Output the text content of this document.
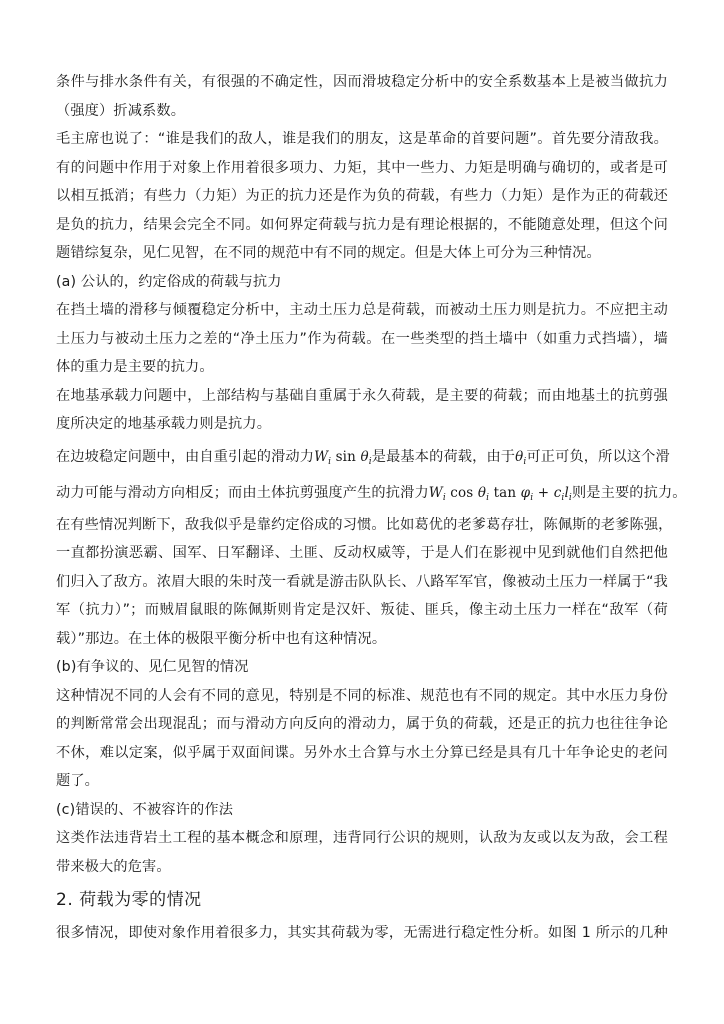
条件与排水条件有关，有很强的不确定性，因而滑坡稳定分析中的安全系数基本上是被当做抗力
（强度）折减系数。
毛主席也说了：“谁是我们的敌人，谁是我们的朋友，这是革命的首要问题”。首先要分清敌我。
有的问题中作用于对象上作用着很多项力、力矩，其中一些力、力矩是明确与确切的，或者是可
以相互抵消；有些力（力矩）为正的抗力还是作为负的荷载，有些力（力矩）是作为正的荷载还
是负的抗力，结果会完全不同。如何界定荷载与抗力是有理论根据的，不能随意处理，但这个问
题错综复杂，见仁见智，在不同的规范中有不同的规定。但是大体上可分为三种情况。
(a) 公认的，约定俗成的荷载与抗力
在挡土墙的滑移与倾覆稳定分析中，主动土压力总是荷载，而被动土压力则是抗力。不应把主动
土压力与被动土压力之差的“净土压力”作为荷载。在一些类型的挡土墙中（如重力式挡墙），墙
体的重力是主要的抗力。
在地基承载力问题中，上部结构与基础自重属于永久荷载，是主要的荷载；而由地基土的抗剪强
度所决定的地基承载力则是抗力。
在边坡稳定问题中，由自重引起的滑动力$W_i$ $\sin \theta_i$是最基本的荷载，由于$\theta_i$可正可负，所以这个滑
动力可能与滑动方向相反；而由土体抗剪强度产生的抗滑力$W_i$ $\cos \theta_i$ $\tan \varphi_i + c_il_i$则是主要的抗力。
在有些情况判断下，敌我似乎是靠约定俗成的习惯。比如葛优的老爹葛存壮，陈佩斯的老爹陈强，
一直都扮演恶霸、国军、日军翻译、土匪、反动权威等，于是人们在影视中见到就他们自然把他
们归入了敌方。浓眉大眼的朱时茂一看就是游击队队长、八路军军官，像被动土压力一样属于“我
军（抗力）”；而贼眉鼠眼的陈佩斯则肯定是汉奸、叛徒、匪兵，像主动土压力一样在“敌军（荷
载）”那边。在土体的极限平衡分析中也有这种情况。
(b)有争议的、见仁见智的情况
这种情况不同的人会有不同的意见，特别是不同的标准、规范也有不同的规定。其中水压力身份
的判断常常会出现混乱；而与滑动方向反向的滑动力，属于负的荷载，还是正的抗力也往往争论
不休，难以定案，似乎属于双面间谍。另外水土合算与水土分算已经是具有几十年争论史的老问
题了。
(c)错误的、不被容许的作法
这类作法违背岩土工程的基本概念和原理，违背同行公识的规则，认敌为友或以友为敌，会工程
带来极大的危害。
2. 荷载为零的情况
很多情况，即使对象作用着很多力，其实其荷载为零，无需进行稳定性分析。如图 1 所示的几种
